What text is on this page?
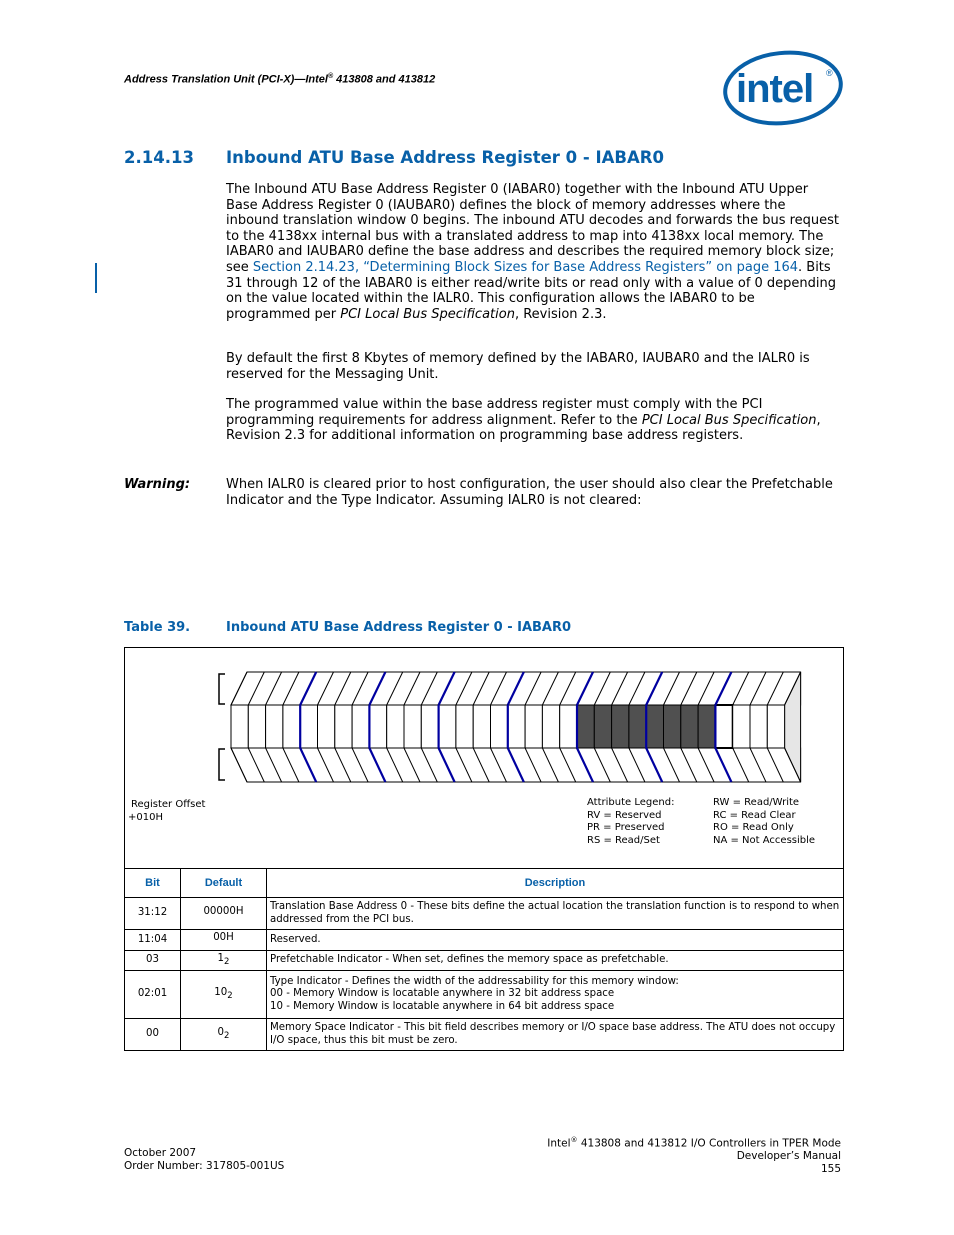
Address Translation Unit (PCI-X)—Intel® 413808 and 413812	intel ®
2.14.13 Inbound ATU Base Address Register 0 - IABAR0

The Inbound ATU Base Address Register 0 (IABAR0) together with the Inbound ATU Upper Base Address Register 0 (IAUBAR0) defines the block of memory addresses where the inbound translation window 0 begins. The inbound ATU decodes and forwards the bus request to the 4138xx internal bus with a translated address to map into 4138xx local memory. The IABAR0 and IAUBAR0 define the base address and describes the required memory block size; see Section 2.14.23, “Determining Block Sizes for Base Address Registers” on page 164. Bits 31 through 12 of the IABAR0 is either read/write bits or read only with a value of 0 depending on the value located within the IALR0. This configuration allows the IABAR0 to be programmed per PCI Local Bus Specification, Revision 2.3.

By default the first 8 Kbytes of memory defined by the IABAR0, IAUBAR0 and the IALR0 is reserved for the Messaging Unit.

The programmed value within the base address register must comply with the PCI programming requirements for address alignment. Refer to the PCI Local Bus Specification, Revision 2.3 for additional information on programming base address registers.

Warning:	When IALR0 is cleared prior to host configuration, the user should also clear the Prefetchable Indicator and the Type Indicator. Assuming IALR0 is not cleared:

Table 39.	Inbound ATU Base Address Register 0 - IABAR0
Register Offset
+010H
Attribute Legend:
RV = Reserved
PR = Preserved
RS = Read/Set
RW = Read/Write
RC = Read Clear
RO = Read Only
NA = Not Accessible
Bit	Default	Description
31:12	00000H	Translation Base Address 0 - These bits define the actual location the translation function is to respond to when addressed from the PCI bus.

11:04	00H	Reserved.

03	$1_2$	Prefetchable Indicator - When set, defines the memory space as prefetchable.

02:01	$10_2$	Type Indicator - Defines the width of the addressability for this memory window:
00 - Memory Window is locatable anywhere in 32 bit address space
10 - Memory Window is locatable anywhere in 64 bit address space

00	$0_2$	Memory Space Indicator - This bit field describes memory or I/O space base address. The ATU does not occupy I/O space, thus this bit must be zero.
October 2007
Order Number: 317805-001US
Intel® 413808 and 413812 I/O Controllers in TPER Mode
Developer’s Manual
155
